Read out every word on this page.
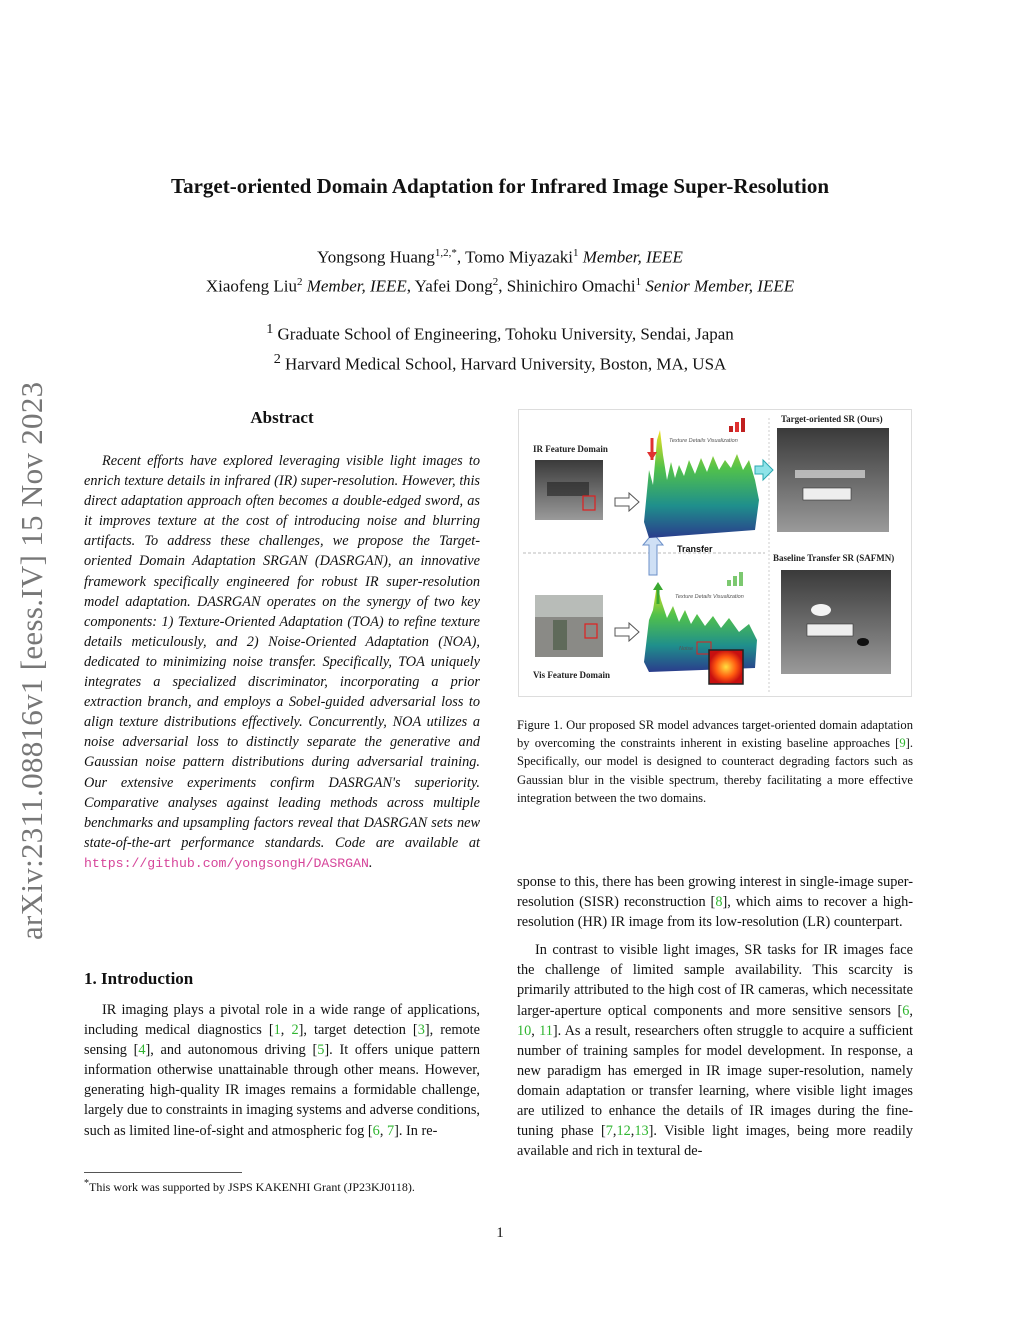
arXiv:2311.08816v1 [eess.IV] 15 Nov 2023
Target-oriented Domain Adaptation for Infrared Image Super-Resolution
Yongsong Huang$^{1,2,*}$, Tomo Miyazaki$^1$ Member, IEEE
Xiaofeng Liu$^2$ Member, IEEE, Yafei Dong$^2$, Shinichiro Omachi$^1$ Senior Member, IEEE
$^1$ Graduate School of Engineering, Tohoku University, Sendai, Japan
$^2$ Harvard Medical School, Harvard University, Boston, MA, USA
Abstract
Recent efforts have explored leveraging visible light images to enrich texture details in infrared (IR) super-resolution. However, this direct adaptation approach often becomes a double-edged sword, as it improves texture at the cost of introducing noise and blurring artifacts. To address these challenges, we propose the Target-oriented Domain Adaptation SRGAN (DASRGAN), an innovative framework specifically engineered for robust IR super-resolution model adaptation. DASRGAN operates on the synergy of two key components: 1) Texture-Oriented Adaptation (TOA) to refine texture details meticulously, and 2) Noise-Oriented Adaptation (NOA), dedicated to minimizing noise transfer. Specifically, TOA uniquely integrates a specialized discriminator, incorporating a prior extraction branch, and employs a Sobel-guided adversarial loss to align texture distributions effectively. Concurrently, NOA utilizes a noise adversarial loss to distinctly separate the generative and Gaussian noise pattern distributions during adversarial training. Our extensive experiments confirm DASRGAN's superiority. Comparative analyses against leading methods across multiple benchmarks and upsampling factors reveal that DASRGAN sets new state-of-the-art performance standards. Code are available at https://github.com/yongsongH/DASRGAN.
1. Introduction
IR imaging plays a pivotal role in a wide range of applications, including medical diagnostics [1, 2], target detection [3], remote sensing [4], and autonomous driving [5]. It offers unique pattern information otherwise unattainable through other means. However, generating high-quality IR images remains a formidable challenge, largely due to constraints in imaging systems and adverse conditions, such as limited line-of-sight and atmospheric fog [6, 7]. In re-
*This work was supported by JSPS KAKENHI Grant (JP23KJ0118).
IR Feature Domain
Target-oriented SR (Ours)
Baseline Transfer SR (SAFMN)
Vis Feature Domain
Transfer
Texture Details Visualization
Texture Details Visualization
Noise
Figure 1. Our proposed SR model advances target-oriented domain adaptation by overcoming the constraints inherent in existing baseline approaches [9]. Specifically, our model is designed to counteract degrading factors such as Gaussian blur in the visible spectrum, thereby facilitating a more effective integration between the two domains.

sponse to this, there has been growing interest in single-image super-resolution (SISR) reconstruction [8], which aims to recover a high-resolution (HR) IR image from its low-resolution (LR) counterpart.

In contrast to visible light images, SR tasks for IR images face the challenge of limited sample availability. This scarcity is primarily attributed to the high cost of IR cameras, which necessitate larger-aperture optical components and more sensitive sensors [6, 10, 11]. As a result, researchers often struggle to acquire a sufficient number of training samples for model development. In response, a new paradigm has emerged in IR image super-resolution, namely domain adaptation or transfer learning, where visible light images are utilized to enhance the details of IR images during the fine-tuning phase [7,12,13]. Visible light images, being more readily available and rich in textural de-

1
